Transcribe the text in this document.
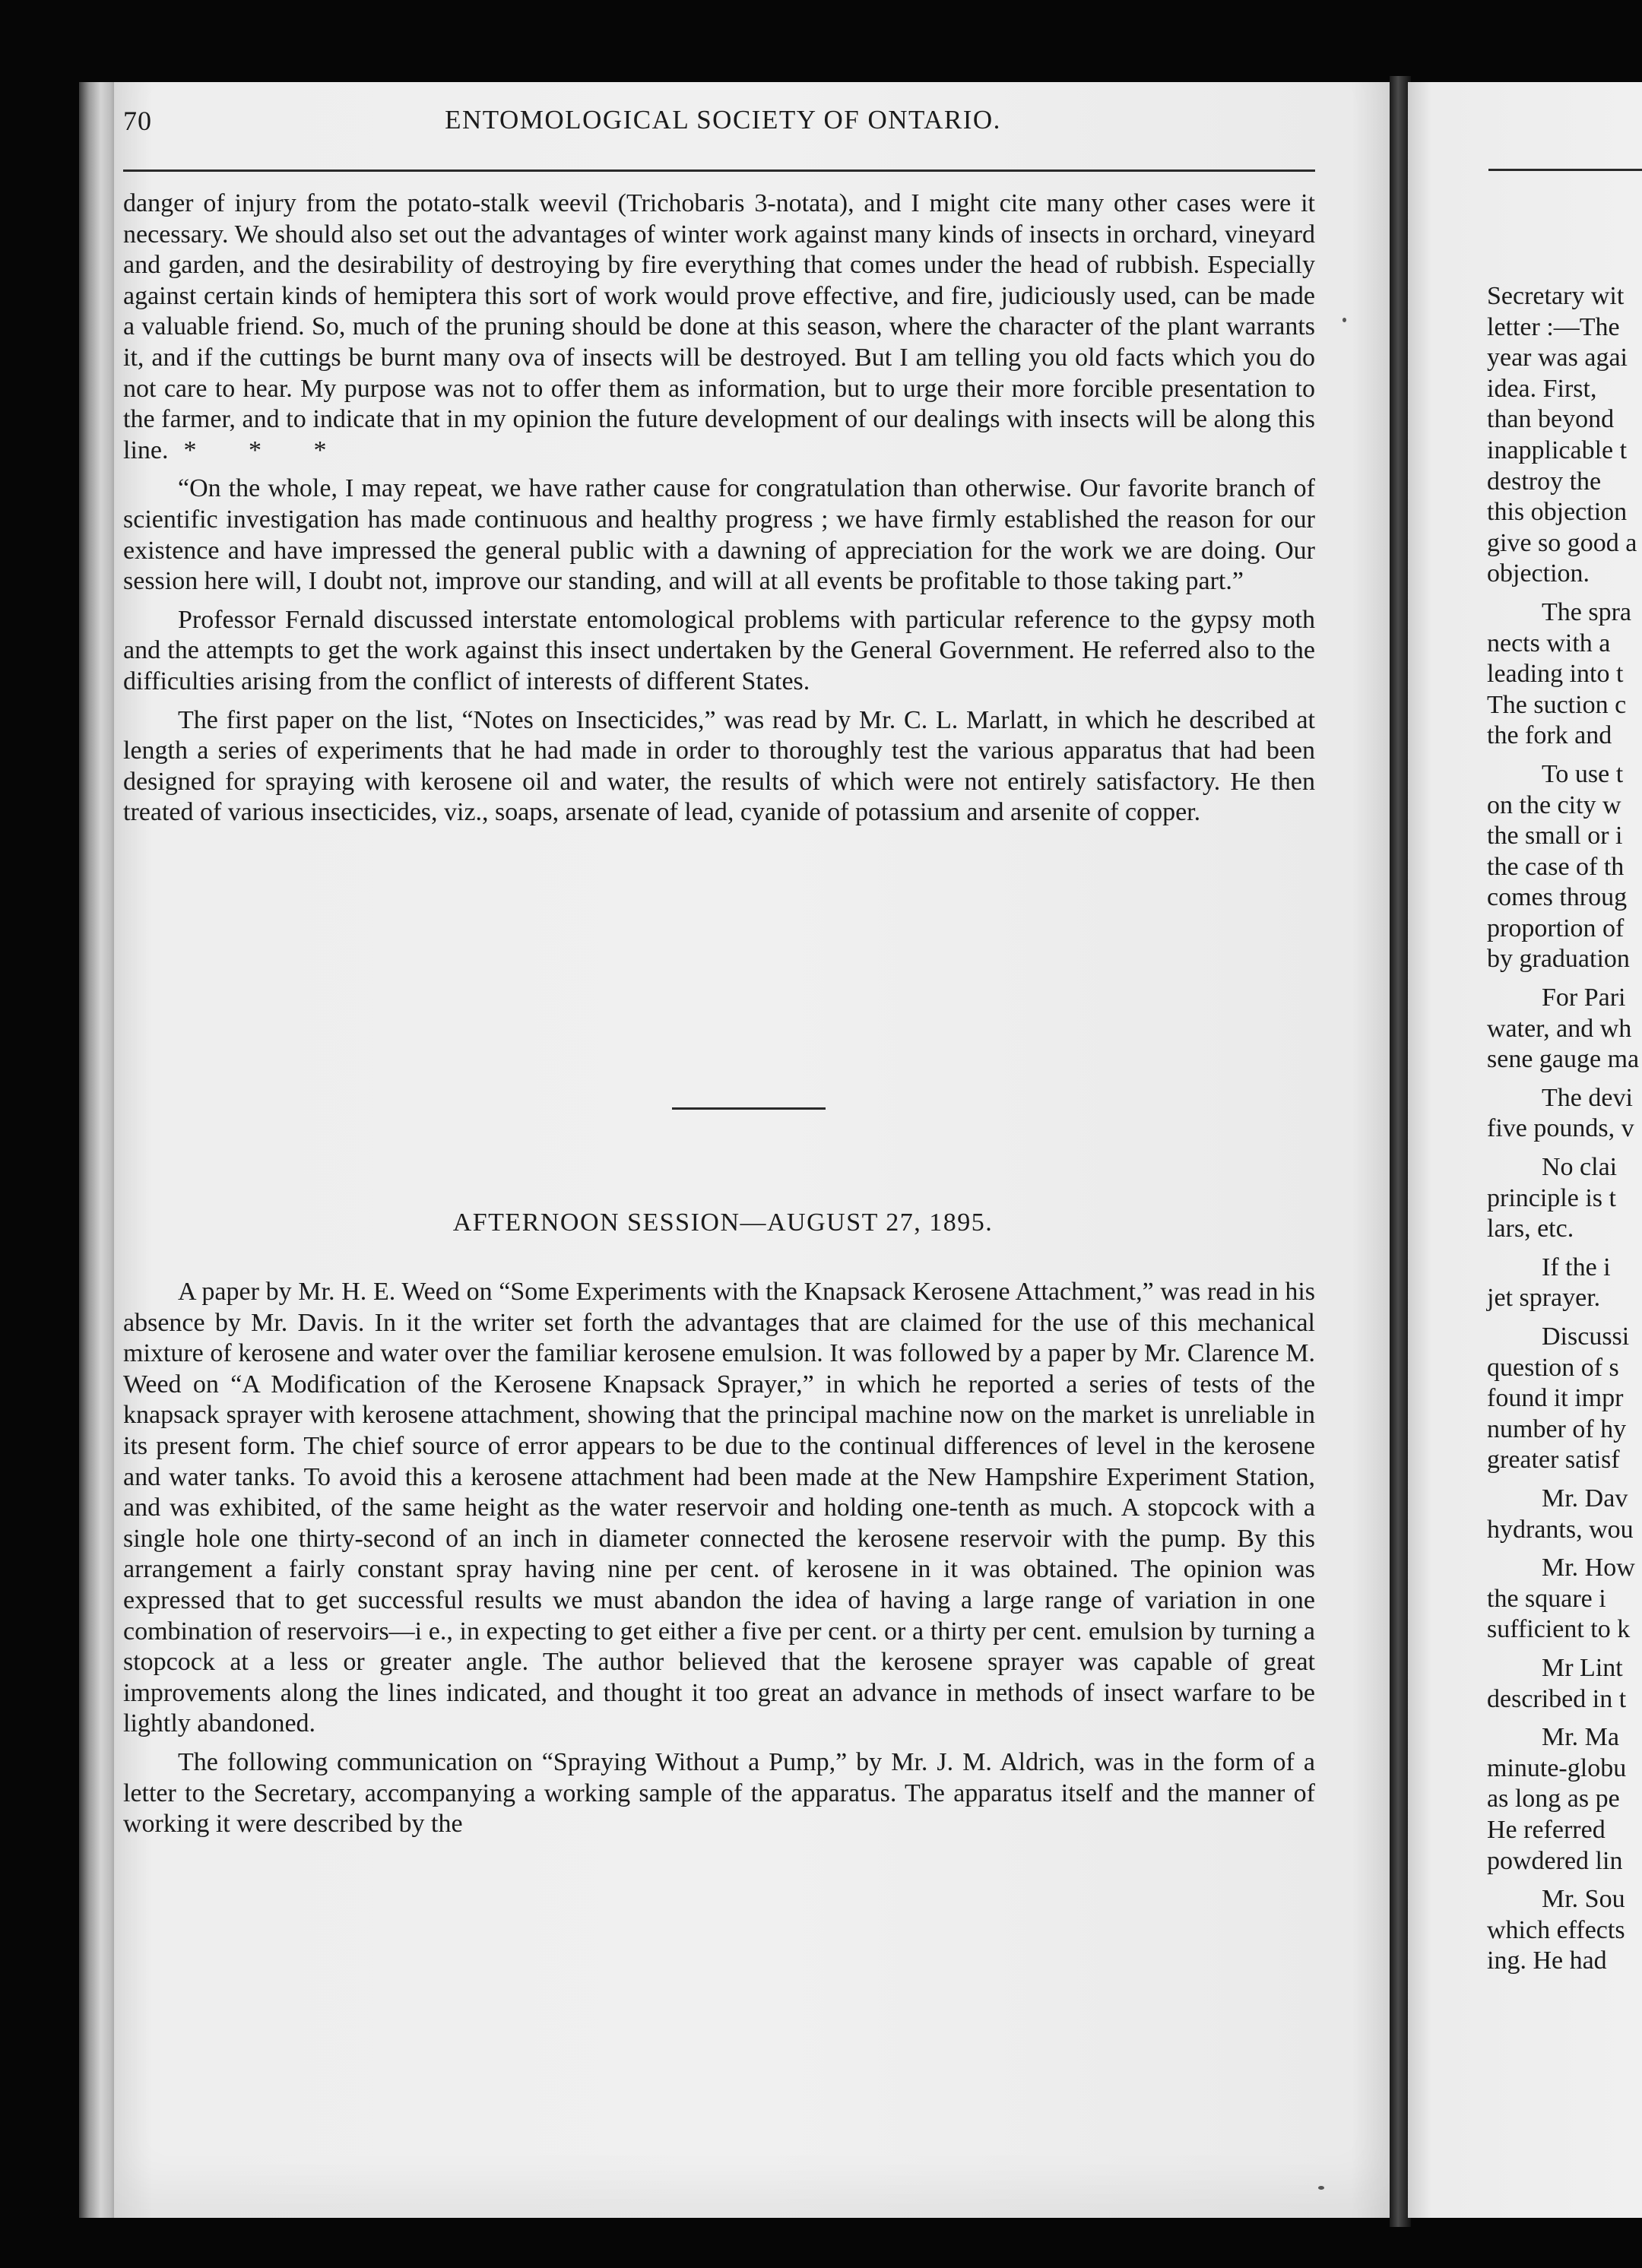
70	ENTOMOLOGICAL SOCIETY OF ONTARIO.

danger of injury from the potato-stalk weevil (Trichobaris 3-notata), and I might cite many other cases were it necessary. We should also set out the advantages of winter work against many kinds of insects in orchard, vineyard and garden, and the desirability of destroying by fire everything that comes under the head of rubbish. Especially against certain kinds of hemiptera this sort of work would prove effective, and fire, judiciously used, can be made a valuable friend. So, much of the pruning should be done at this season, where the character of the plant warrants it, and if the cuttings be burnt many ova of insects will be destroyed. But I am telling you old facts which you do not care to hear. My purpose was not to offer them as information, but to urge their more forcible presentation to the farmer, and to indicate that in my opinion the future development of our dealings with insects will be along this line. * * *

“On the whole, I may repeat, we have rather cause for congratulation than otherwise. Our favorite branch of scientific investigation has made continuous and healthy progress ; we have firmly established the reason for our existence and have impressed the general public with a dawning of appreciation for the work we are doing. Our session here will, I doubt not, improve our standing, and will at all events be profitable to those taking part.”

Professor Fernald discussed interstate entomological problems with particular reference to the gypsy moth and the attempts to get the work against this insect undertaken by the General Government. He referred also to the difficulties arising from the conflict of interests of different States.

The first paper on the list, “Notes on Insecticides,” was read by Mr. C. L. Marlatt, in which he described at length a series of experiments that he had made in order to thoroughly test the various apparatus that had been designed for spraying with kerosene oil and water, the results of which were not entirely satisfactory. He then treated of various insecticides, viz., soaps, arsenate of lead, cyanide of potassium and arsenite of copper.

AFTERNOON SESSION—AUGUST 27, 1895.

A paper by Mr. H. E. Weed on “Some Experiments with the Knapsack Kerosene Attachment,” was read in his absence by Mr. Davis. In it the writer set forth the advantages that are claimed for the use of this mechanical mixture of kerosene and water over the familiar kerosene emulsion. It was followed by a paper by Mr. Clarence M. Weed on “A Modification of the Kerosene Knapsack Sprayer,” in which he reported a series of tests of the knapsack sprayer with kerosene attachment, showing that the principal machine now on the market is unreliable in its present form. The chief source of error appears to be due to the continual differences of level in the kerosene and water tanks. To avoid this a kerosene attachment had been made at the New Hampshire Experiment Station, and was exhibited, of the same height as the water reservoir and holding one-tenth as much. A stopcock with a single hole one thirty-second of an inch in diameter connected the kerosene reservoir with the pump. By this arrangement a fairly constant spray having nine per cent. of kerosene in it was obtained. The opinion was expressed that to get successful results we must abandon the idea of having a large range of variation in one combination of reservoirs—i e., in expecting to get either a five per cent. or a thirty per cent. emulsion by turning a stopcock at a less or greater angle. The author believed that the kerosene sprayer was capable of great improvements along the lines indicated, and thought it too great an advance in methods of insect warfare to be lightly abandoned.

The following communication on “Spraying Without a Pump,” by Mr. J. M. Aldrich, was in the form of a letter to the Secretary, accompanying a working sample of the apparatus. The apparatus itself and the manner of working it were described by the

Secretary wit
letter :—The
year was agai
idea. First,
than beyond
inapplicable t
destroy the
this objection
give so good a
objection.
The spra
nects with a
leading into t
The suction c
the fork and
To use t
on the city w
the small or i
the case of th
comes throug
proportion of
by graduation
For Pari
water, and wh
sene gauge ma
The devi
five pounds, v
No clai
principle is t
lars, etc.
If the i
jet sprayer.
Discussi
question of s
found it impr
number of hy
greater satisf
Mr. Dav
hydrants, wou
Mr. How
the square i
sufficient to k
Mr Lint
described in t
Mr. Ma
minute-globu
as long as pe
He referred
powdered lin
Mr. Sou
which effects
ing. He had
